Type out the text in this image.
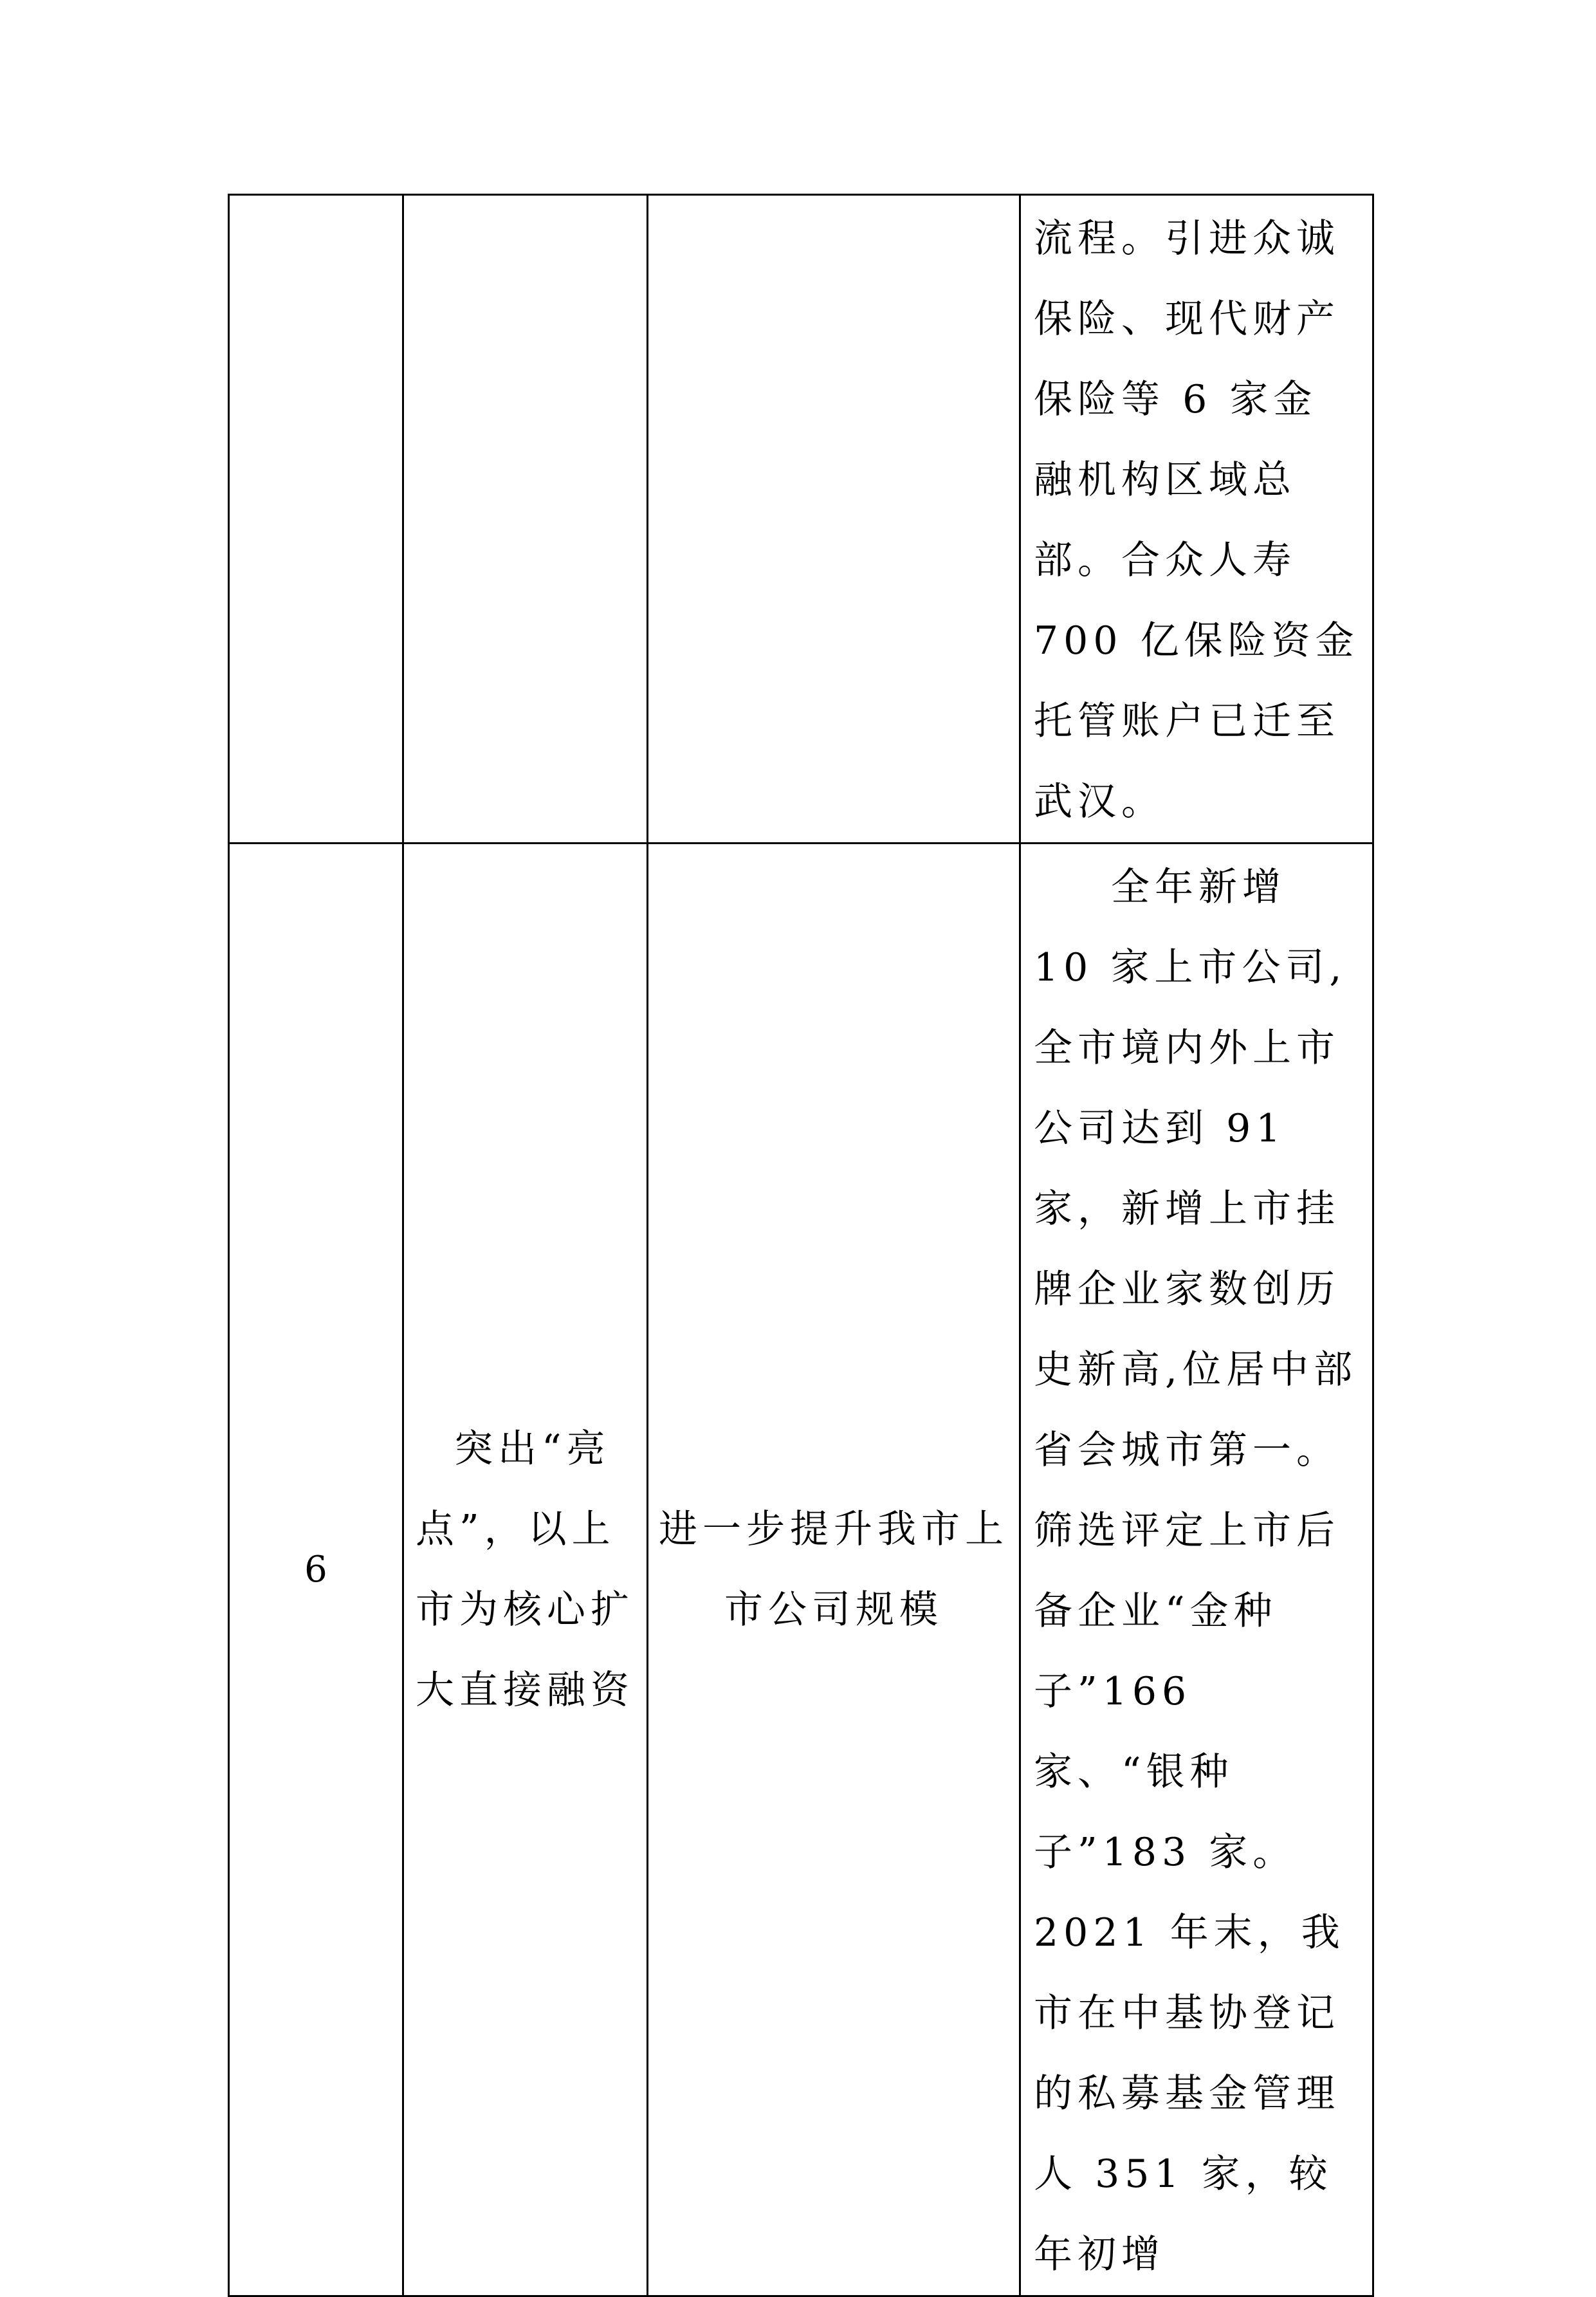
			流程。引进众诚保险、现代财产保险等 6 家金融机构区域总部。合众人寿 700 亿保险资金托管账户已迁至武汉。

6	突出“亮点”，以上市为核心扩大直接融资	进一步提升我市上市公司规模	全年新增 10 家上市公司,全市境内外上市公司达到 91 家，新增上市挂牌企业家数创历史新高,位居中部省会城市第一。筛选评定上市后备企业“金种子”166 家、“银种子”183 家。2021 年末，我市在中基协登记的私募基金管理人 351 家，较年初增
